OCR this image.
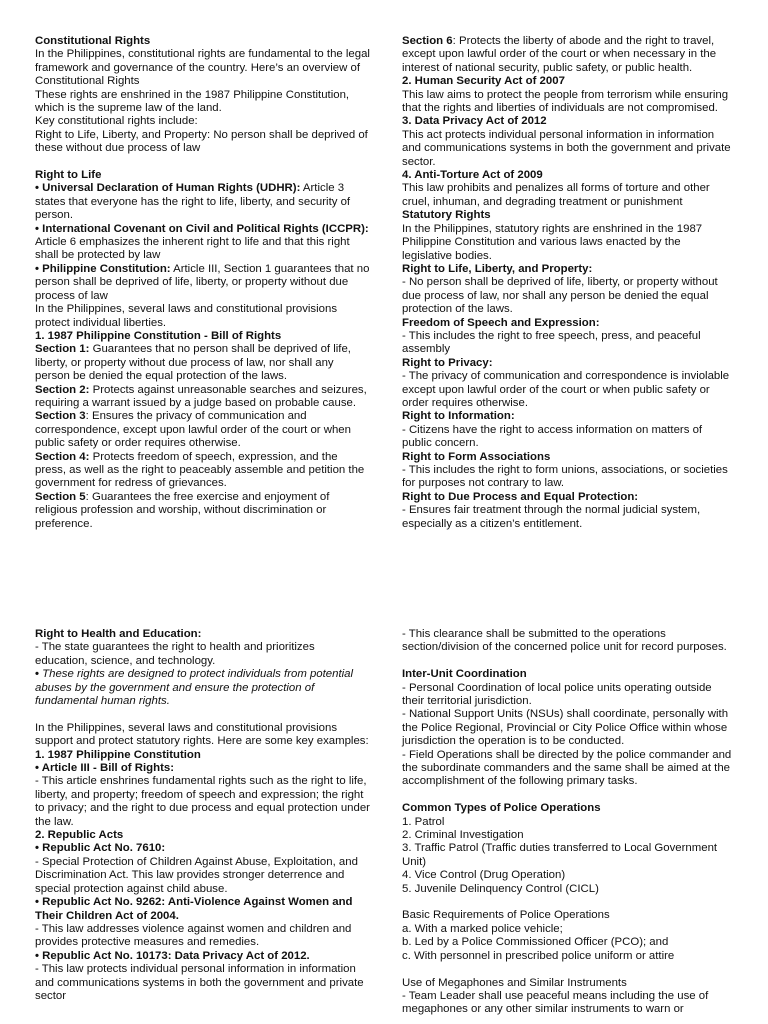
Constitutional Rights

In the Philippines, constitutional rights are fundamental to the legal framework and governance of the country. Here’s an overview of Constitutional Rights

These rights are enshrined in the 1987 Philippine Constitution, which is the supreme law of the land.

Key constitutional rights include:

Right to Life, Liberty, and Property: No person shall be deprived of these without due process of law

Right to Life

• Universal Declaration of Human Rights (UDHR): Article 3 states that everyone has the right to life, liberty, and security of person.

• International Covenant on Civil and Political Rights (ICCPR): Article 6 emphasizes the inherent right to life and that this right shall be protected by law

• Philippine Constitution: Article III, Section 1 guarantees that no person shall be deprived of life, liberty, or property without due process of law

In the Philippines, several laws and constitutional provisions protect individual liberties.

1. 1987 Philippine Constitution - Bill of Rights

Section 1: Guarantees that no person shall be deprived of life, liberty, or property without due process of law, nor shall any person be denied the equal protection of the laws.

Section 2: Protects against unreasonable searches and seizures, requiring a warrant issued by a judge based on probable cause.

Section 3: Ensures the privacy of communication and correspondence, except upon lawful order of the court or when public safety or order requires otherwise.

Section 4: Protects freedom of speech, expression, and the press, as well as the right to peaceably assemble and petition the government for redress of grievances.

Section 5: Guarantees the free exercise and enjoyment of religious profession and worship, without discrimination or preference.

Section 6: Protects the liberty of abode and the right to travel, except upon lawful order of the court or when necessary in the interest of national security, public safety, or public health.

2. Human Security Act of 2007

This law aims to protect the people from terrorism while ensuring that the rights and liberties of individuals are not compromised.

3. Data Privacy Act of 2012

This act protects individual personal information in information and communications systems in both the government and private sector.

4. Anti-Torture Act of 2009

This law prohibits and penalizes all forms of torture and other cruel, inhuman, and degrading treatment or punishment

Statutory Rights

In the Philippines, statutory rights are enshrined in the 1987 Philippine Constitution and various laws enacted by the legislative bodies.

Right to Life, Liberty, and Property:

- No person shall be deprived of life, liberty, or property without due process of law, nor shall any person be denied the equal protection of the laws.

Freedom of Speech and Expression:

- This includes the right to free speech, press, and peaceful assembly

Right to Privacy:

- The privacy of communication and correspondence is inviolable except upon lawful order of the court or when public safety or order requires otherwise.

Right to Information:

- Citizens have the right to access information on matters of public concern.

Right to Form Associations

- This includes the right to form unions, associations, or societies for purposes not contrary to law.

Right to Due Process and Equal Protection:

- Ensures fair treatment through the normal judicial system, especially as a citizen’s entitlement.

Right to Health and Education:

- The state guarantees the right to health and prioritizes education, science, and technology.

• These rights are designed to protect individuals from potential abuses by the government and ensure the protection of fundamental human rights.

In the Philippines, several laws and constitutional provisions support and protect statutory rights. Here are some key examples:

1. 1987 Philippine Constitution

• Article III - Bill of Rights:

- This article enshrines fundamental rights such as the right to life, liberty, and property; freedom of speech and expression; the right to privacy; and the right to due process and equal protection under the law.

2. Republic Acts

• Republic Act No. 7610:

- Special Protection of Children Against Abuse, Exploitation, and Discrimination Act. This law provides stronger deterrence and special protection against child abuse.

• Republic Act No. 9262: Anti-Violence Against Women and Their Children Act of 2004.

- This law addresses violence against women and children and provides protective measures and remedies.

• Republic Act No. 10173: Data Privacy Act of 2012.

- This law protects individual personal information in information and communications systems in both the government and private sector

- This clearance shall be submitted to the operations section/division of the concerned police unit for record purposes.

Inter-Unit Coordination

- Personal Coordination of local police units operating outside their territorial jurisdiction.

- National Support Units (NSUs) shall coordinate, personally with the Police Regional, Provincial or City Police Office within whose jurisdiction the operation is to be conducted.

- Field Operations shall be directed by the police commander and the subordinate commanders and the same shall be aimed at the accomplishment of the following primary tasks.

Common Types of Police Operations

1. Patrol

2. Criminal Investigation

3. Traffic Patrol (Traffic duties transferred to Local Government Unit)

4. Vice Control (Drug Operation)

5. Juvenile Delinquency Control (CICL)

Basic Requirements of Police Operations

a. With a marked police vehicle;

b. Led by a Police Commissioned Officer (PCO); and

c. With personnel in prescribed police uniform or attire

Use of Megaphones and Similar Instruments

- Team Leader shall use peaceful means including the use of megaphones or any other similar instruments to warn or
